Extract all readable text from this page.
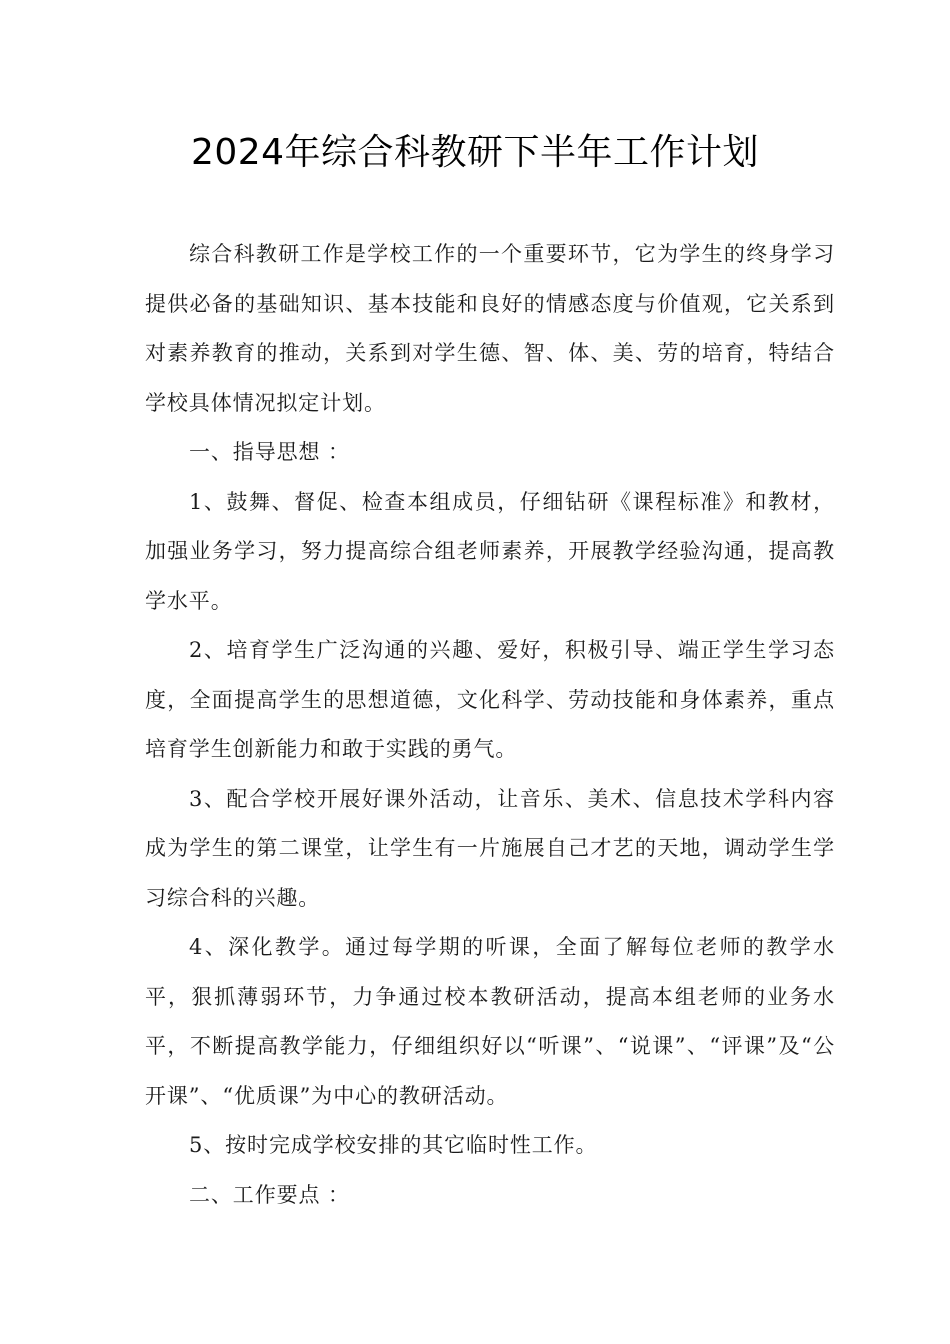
2024年综合科教研下半年工作计划

综合科教研工作是学校工作的一个重要环节，它为学生的终身学习提供必备的基础知识、基本技能和良好的情感态度与价值观，它关系到对素养教育的推动，关系到对学生德、智、体、美、劳的培育，特结合学校具体情况拟定计划。

一、指导思想 ：

1、鼓舞、督促、检查本组成员，仔细钻研《课程标准》和教材，加强业务学习，努力提高综合组老师素养，开展教学经验沟通，提高教学水平。

2、培育学生广泛沟通的兴趣、爱好，积极引导、端正学生学习态度，全面提高学生的思想道德，文化科学、劳动技能和身体素养，重点培育学生创新能力和敢于实践的勇气。

3、配合学校开展好课外活动，让音乐、美术、信息技术学科内容成为学生的第二课堂，让学生有一片施展自己才艺的天地，调动学生学习综合科的兴趣。

4、深化教学。通过每学期的听课，全面了解每位老师的教学水平，狠抓薄弱环节，力争通过校本教研活动，提高本组老师的业务水平，不断提高教学能力，仔细组织好以“听课”、“说课”、“评课”及“公开课”、“优质课”为中心的教研活动。

5、按时完成学校安排的其它临时性工作。

二、工作要点 ：
